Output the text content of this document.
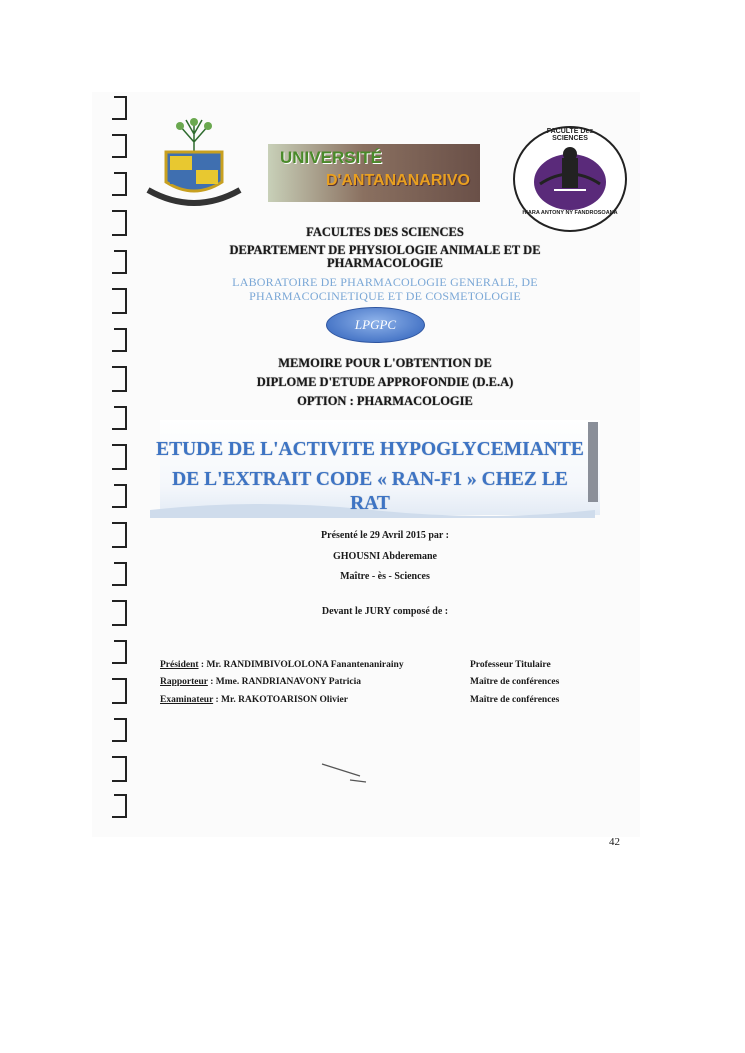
UNIVERSITÉ
D'ANTANANARIVO
FACULTE Des SCIENCES
HIARA ANTONY NY FANDROSOANA
FACULTES DES SCIENCES
DEPARTEMENT DE PHYSIOLOGIE ANIMALE ET DE
PHARMACOLOGIE
LABORATOIRE DE PHARMACOLOGIE GENERALE, DE
PHARMACOCINETIQUE ET DE COSMETOLOGIE
LPGPC
MEMOIRE POUR L'OBTENTION DE
DIPLOME D'ETUDE APPROFONDIE (D.E.A)
OPTION : PHARMACOLOGIE
ETUDE DE L'ACTIVITE HYPOGLYCEMIANTE
DE L'EXTRAIT CODE « RAN-F1 » CHEZ LE RAT
Présenté le 29 Avril 2015 par :
GHOUSNI Abderemane
Maître - ès - Sciences
Devant le JURY composé de :
Président : Mr. RANDIMBIVOLOLONA Fanantenanirainy	Professeur Titulaire
Rapporteur : Mme. RANDRIANAVONY Patricia	Maître de conférences
Examinateur : Mr. RAKOTOARISON Olivier	Maître de conférences
42
